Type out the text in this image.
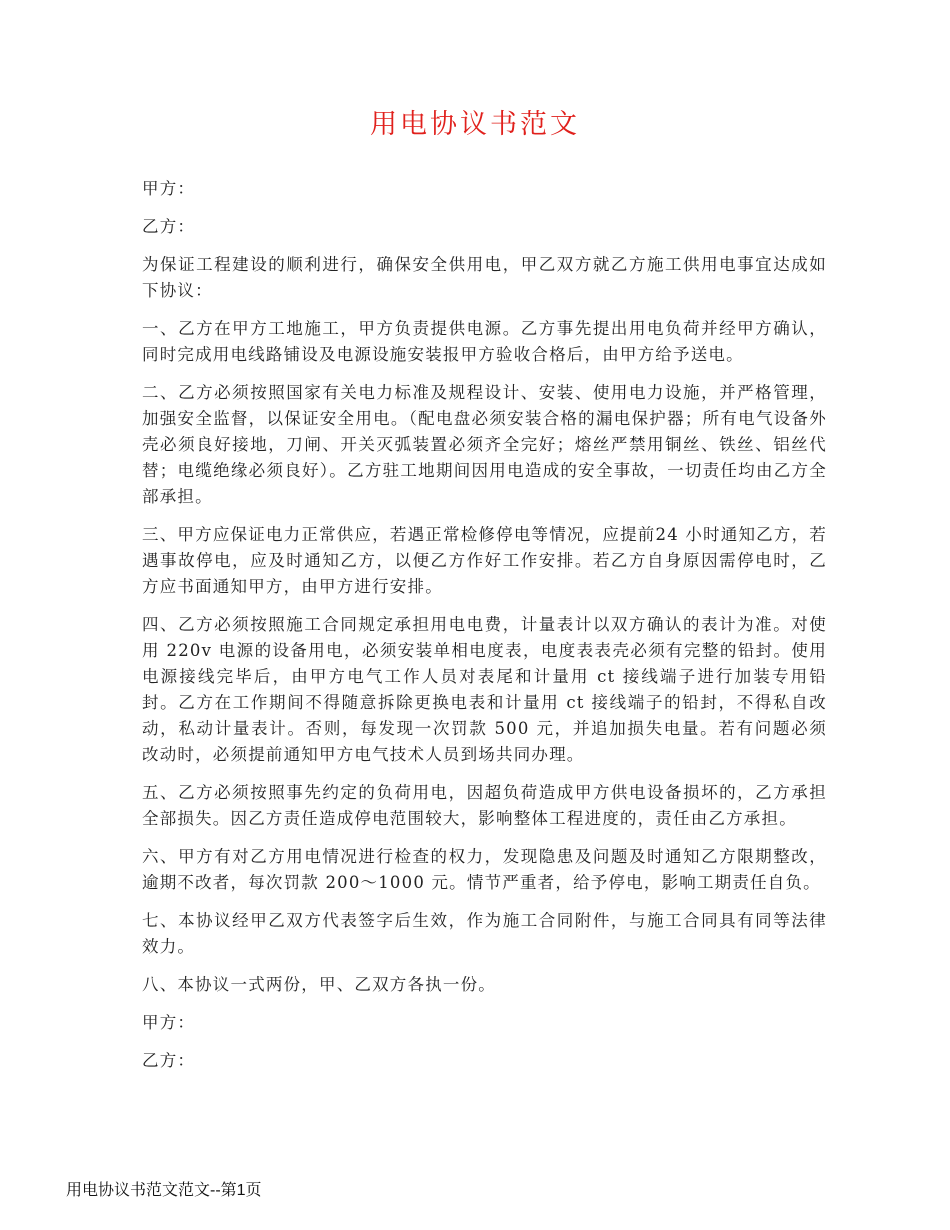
用电协议书范文

甲方：

乙方：

为保证工程建设的顺利进行，确保安全供用电，甲乙双方就乙方施工供用电事宜达成如下协议：

一、乙方在甲方工地施工，甲方负责提供电源。乙方事先提出用电负荷并经甲方确认，同时完成用电线路铺设及电源设施安装报甲方验收合格后，由甲方给予送电。

二、乙方必须按照国家有关电力标准及规程设计、安装、使用电力设施，并严格管理，加强安全监督，以保证安全用电。（配电盘必须安装合格的漏电保护器；所有电气设备外壳必须良好接地，刀闸、开关灭弧装置必须齐全完好；熔丝严禁用铜丝、铁丝、铝丝代替；电缆绝缘必须良好）。乙方驻工地期间因用电造成的安全事故，一切责任均由乙方全部承担。

三、甲方应保证电力正常供应，若遇正常检修停电等情况，应提前24 小时通知乙方，若遇事故停电，应及时通知乙方，以便乙方作好工作安排。若乙方自身原因需停电时，乙方应书面通知甲方，由甲方进行安排。

四、乙方必须按照施工合同规定承担用电电费，计量表计以双方确认的表计为准。对使用 220v 电源的设备用电，必须安装单相电度表，电度表表壳必须有完整的铅封。使用电源接线完毕后，由甲方电气工作人员对表尾和计量用 ct 接线端子进行加装专用铅封。乙方在工作期间不得随意拆除更换电表和计量用 ct 接线端子的铅封，不得私自改动，私动计量表计。否则，每发现一次罚款 500 元，并追加损失电量。若有问题必须改动时，必须提前通知甲方电气技术人员到场共同办理。

五、乙方必须按照事先约定的负荷用电，因超负荷造成甲方供电设备损坏的，乙方承担全部损失。因乙方责任造成停电范围较大，影响整体工程进度的，责任由乙方承担。

六、甲方有对乙方用电情况进行检查的权力，发现隐患及问题及时通知乙方限期整改，逾期不改者，每次罚款 200～1000 元。情节严重者，给予停电，影响工期责任自负。

七、本协议经甲乙双方代表签字后生效，作为施工合同附件，与施工合同具有同等法律效力。

八、本协议一式两份，甲、乙双方各执一份。

甲方：

乙方：

用电协议书范文范文--第1页
